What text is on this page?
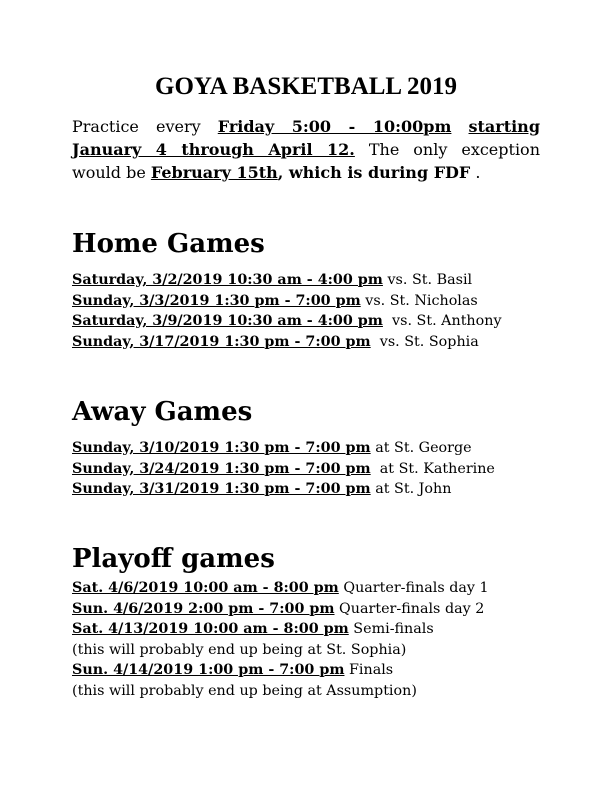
GOYA BASKETBALL 2019
Practice every Friday 5:00 - 10:00pm starting
January 4 through April 12. The only exception
would be February 15th, which is during FDF .
Home Games
Saturday, 3/2/2019 10:30 am - 4:00 pm vs. St. Basil
Sunday, 3/3/2019 1:30 pm - 7:00 pm vs. St. Nicholas
Saturday, 3/9/2019 10:30 am - 4:00 pm  vs. St. Anthony
Sunday, 3/17/2019 1:30 pm - 7:00 pm  vs. St. Sophia
Away Games
Sunday, 3/10/2019 1:30 pm - 7:00 pm at St. George
Sunday, 3/24/2019 1:30 pm - 7:00 pm  at St. Katherine
Sunday, 3/31/2019 1:30 pm - 7:00 pm at St. John
Playoff games
Sat. 4/6/2019 10:00 am - 8:00 pm Quarter-finals day 1
Sun. 4/6/2019 2:00 pm - 7:00 pm Quarter-finals day 2
Sat. 4/13/2019 10:00 am - 8:00 pm Semi-finals
(this will probably end up being at St. Sophia)
Sun. 4/14/2019 1:00 pm - 7:00 pm Finals
(this will probably end up being at Assumption)
